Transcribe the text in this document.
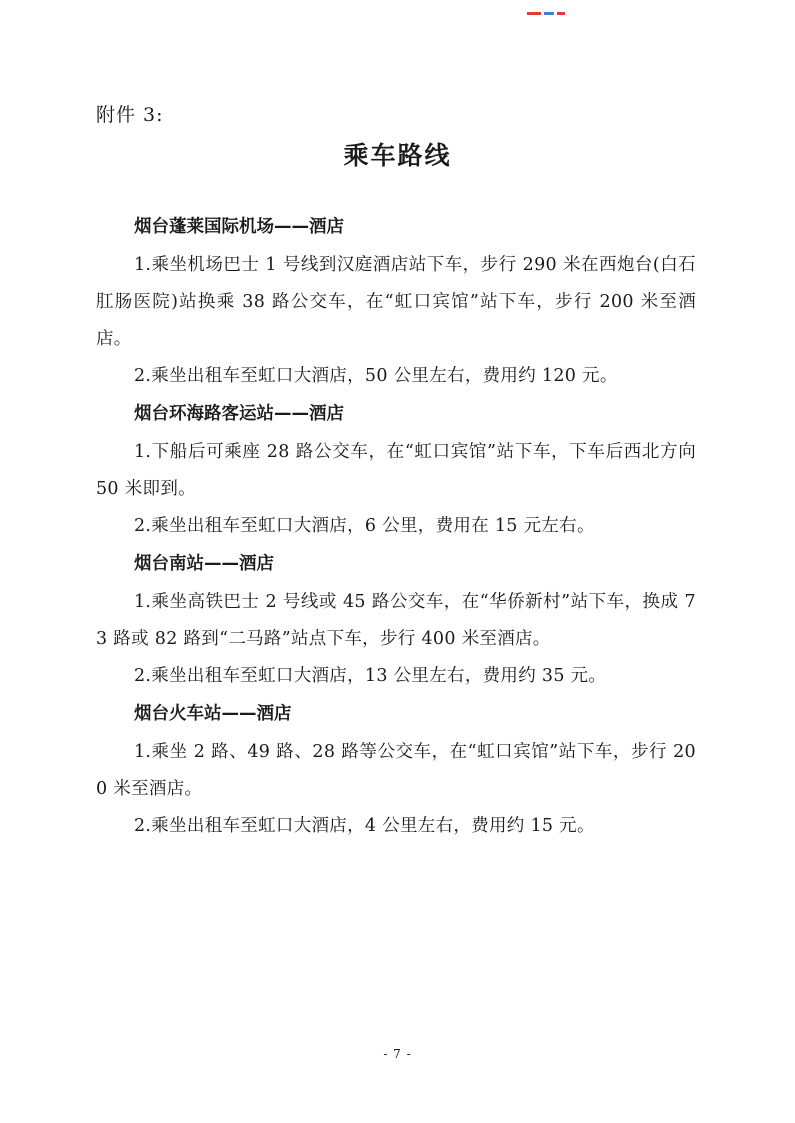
附件 3:
乘车路线
烟台蓬莱国际机场——酒店

1.乘坐机场巴士 1 号线到汉庭酒店站下车，步行 290 米在西炮台(白石肛肠医院)站换乘 38 路公交车，在“虹口宾馆”站下车，步行 200 米至酒店。

2.乘坐出租车至虹口大酒店，50 公里左右，费用约 120 元。

烟台环海路客运站——酒店

1.下船后可乘座 28 路公交车，在“虹口宾馆”站下车，下车后西北方向 50 米即到。

2.乘坐出租车至虹口大酒店，6 公里，费用在 15 元左右。

烟台南站——酒店

1.乘坐高铁巴士 2 号线或 45 路公交车，在“华侨新村”站下车，换成 73 路或 82 路到“二马路”站点下车，步行 400 米至酒店。

2.乘坐出租车至虹口大酒店，13 公里左右，费用约 35 元。

烟台火车站——酒店

1.乘坐 2 路、49 路、28 路等公交车，在“虹口宾馆”站下车，步行 200 米至酒店。

2.乘坐出租车至虹口大酒店，4 公里左右，费用约 15 元。

- 7 -
